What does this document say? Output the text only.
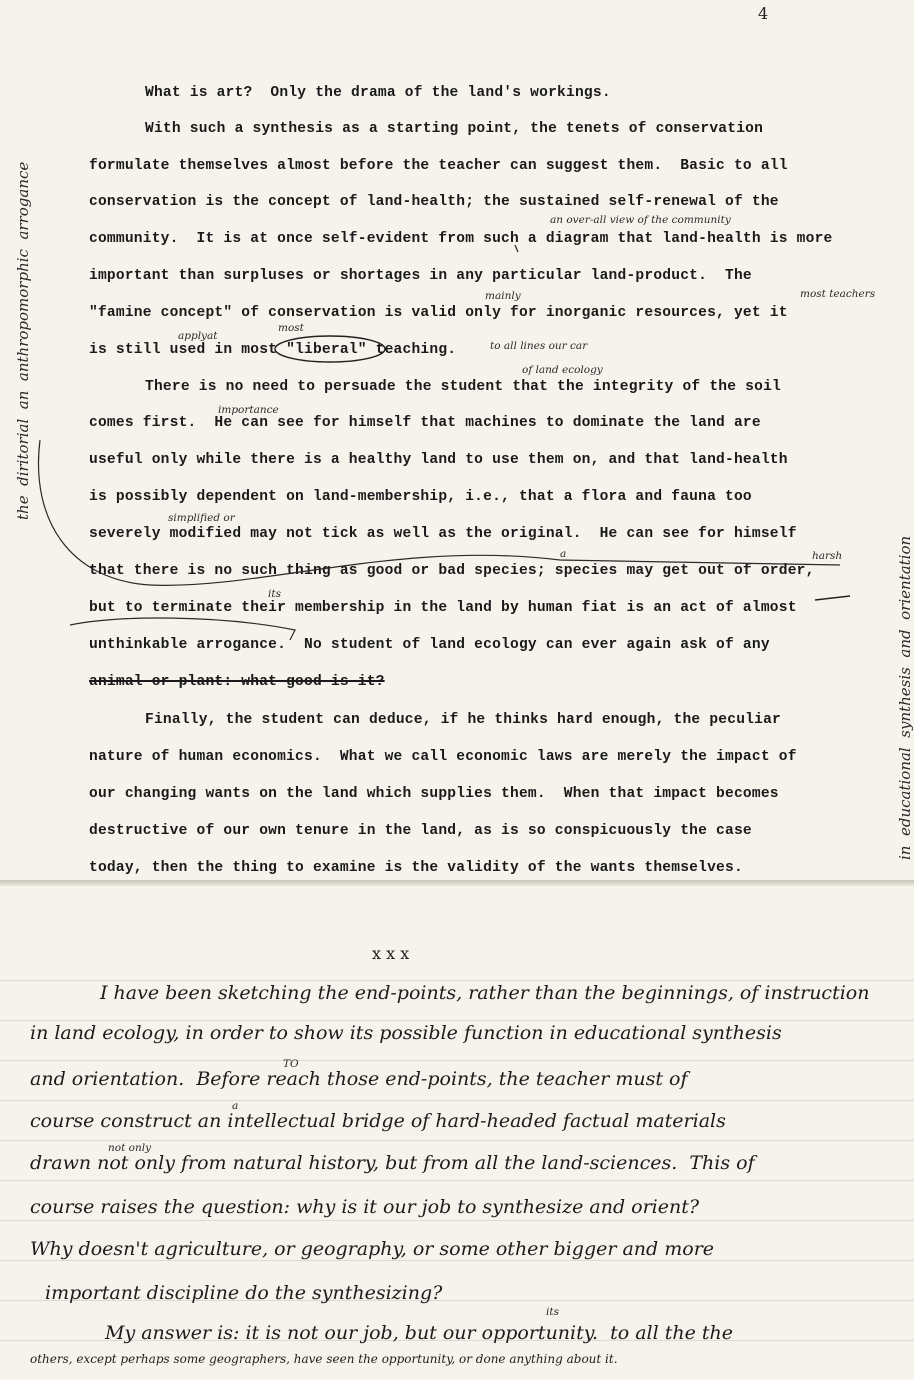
4
the  diritorial  an  anthropomorphic  arrogance
in  educational  synthesis  and  orientation
What is art?  Only the drama of the land's workings.
With such a synthesis as a starting point, the tenets of conservation
formulate themselves almost before the teacher can suggest them.  Basic to all
conservation is the concept of land-health; the sustained self-renewal of the
community.  It is at once self-evident from such a diagram that land-health is more
important than surpluses or shortages in any particular land-product.  The
"famine concept" of conservation is valid only for inorganic resources, yet it
is still used in most "liberal" teaching.
There is no need to persuade the student that the integrity of the soil
comes first.  He can see for himself that machines to dominate the land are
useful only while there is a healthy land to use them on, and that land-health
is possibly dependent on land-membership, i.e., that a flora and fauna too
severely modified may not tick as well as the original.  He can see for himself
that there is no such thing as good or bad species; species may get out of order,
but to terminate their membership in the land by human fiat is an act of almost
unthinkable arrogance.  No student of land ecology can ever again ask of any
animal or plant: what good is it?
Finally, the student can deduce, if he thinks hard enough, the peculiar
nature of human economics.  What we call economic laws are merely the impact of
our changing wants on the land which supplies them.  When that impact becomes
destructive of our own tenure in the land, as is so conspicuously the case
today, then the thing to examine is the validity of the wants themselves.
an over-all view of the community
mainly	most teachers
applyat
most
to all lines our car
of land ecology
importance
simplified or
a	harsh
its
x x x
I have been sketching the end-points, rather than the beginnings, of instruction
in land ecology, in order to show its possible function in educational synthesis
and orientation.  Before reach those end-points, the teacher must of
course construct an intellectual bridge of hard-headed factual materials
drawn not only from natural history, but from all the land-sciences.  This of
course raises the question: why is it our job to synthesize and orient?
Why doesn't agriculture, or geography, or some other bigger and more
important discipline do the synthesizing?
My answer is: it is not our job, but our opportunity.  to all the the
others, except perhaps some geographers, have seen the opportunity, or done anything about it.
TO
a
not only
its
